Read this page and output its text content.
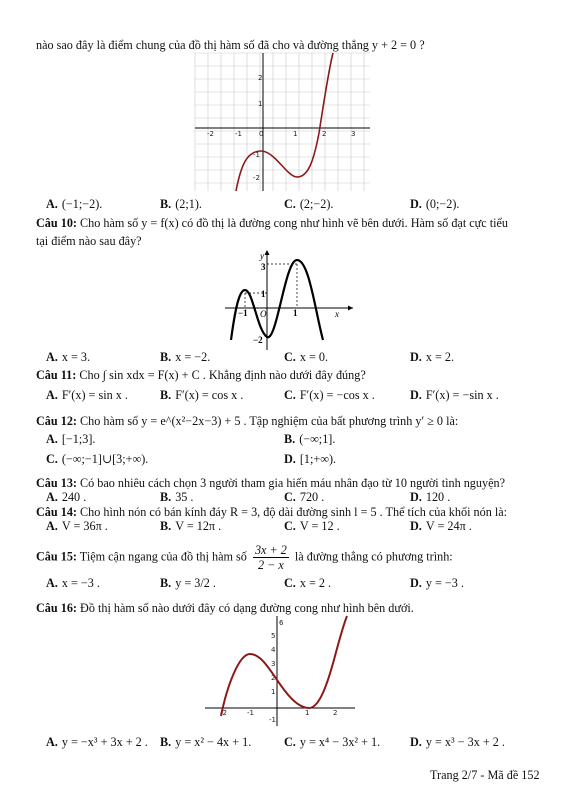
nào sao đây là điểm chung của đồ thị hàm số đã cho và đường thẳng y + 2 = 0 ?
-2	-1 0	1	2	3
2
1
-1
-2
A. (−1;−2).	B. (2;1).	C. (2;−2).	D. (0;−2).
Câu 10: Cho hàm số y = f(x) có đồ thị là đường cong như hình vẽ bên dưới. Hàm số đạt cực tiểu
tại điểm nào sau đây?
y
x
3
1
−1 O	1
−2
A. x = 3.	B. x = −2.	C. x = 0.	D. x = 2.
Câu 11: Cho ∫ sin xdx = F(x) + C . Khẳng định nào dưới đây đúng?
A. F′(x) = sin x .	B. F′(x) = cos x .	C. F′(x) = −cos x .	D. F′(x) = −sin x .
Câu 12: Cho hàm số y = e^(x²−2x−3) + 5 . Tập nghiệm của bất phương trình y′ ≥ 0 là:
A. [−1;3].	B. (−∞;1].
C. (−∞;−1]∪[3;+∞).	D. [1;+∞).
Câu 13: Có bao nhiêu cách chọn 3 người tham gia hiến máu nhân đạo từ 10 người tình nguyện?
A. 240 .	B. 35 .	C. 720 .	D. 120 .
Câu 14: Cho hình nón có bán kính đáy R = 3, độ dài đường sinh l = 5 . Thể tích của khối nón là:
A. V = 36π .	B. V = 12π .	C. V = 12 .	D. V = 24π .
Câu 15: Tiệm cận ngang của đồ thị hàm số $\frac{3x + 2}{2 - x}$ là đường thẳng có phương trình:
A. x = −3 .	B. y = 3/2 .	C. x = 2 .	D. y = −3 .
Câu 16: Đồ thị hàm số nào dưới đây có dạng đường cong như hình bên dưới.
6
5
4
3
2
1
-1
-2	-1	1	2
A. y = −x³ + 3x + 2 . B. y = x² − 4x + 1.	C. y = x⁴ − 3x² + 1. D. y = x³ − 3x + 2 .
Trang 2/7 - Mã đề 152
